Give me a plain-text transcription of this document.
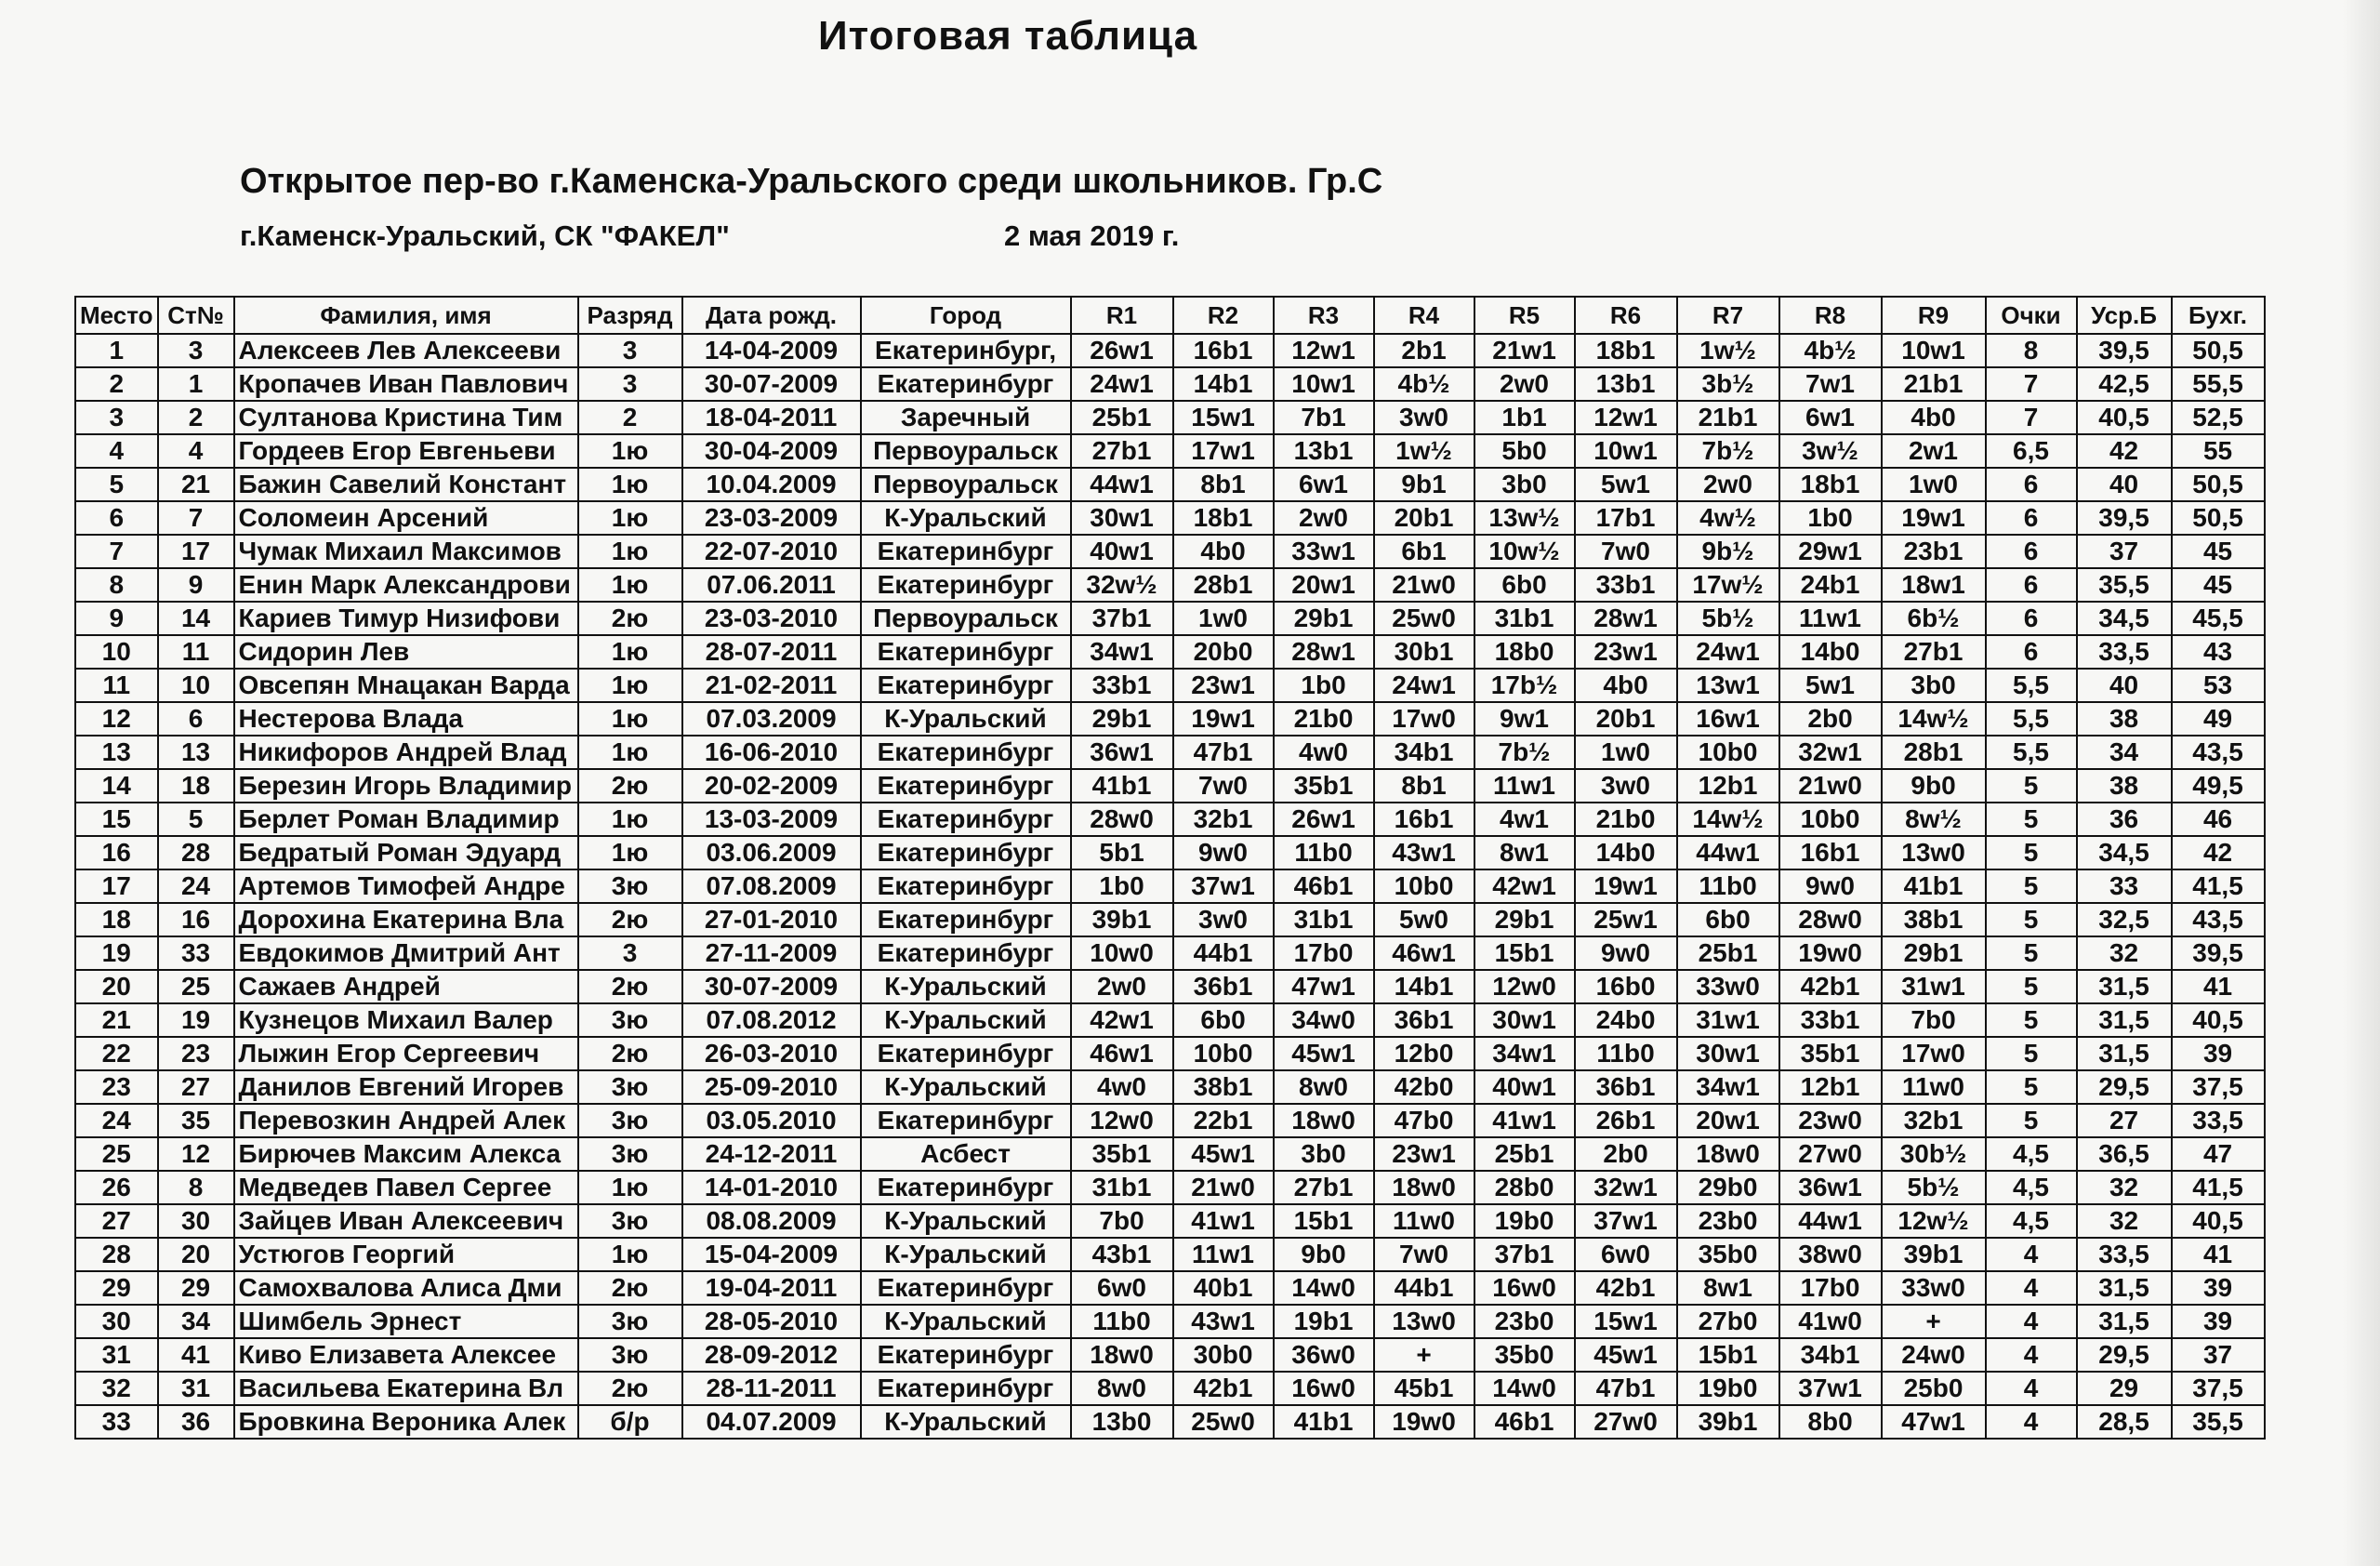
Итоговая таблица
Открытое пер-во г.Каменска-Уральского среди школьников. Гр.С
г.Каменск-Уральский, СК "ФАКЕЛ"	2 мая 2019 г.
Место	Ст№	Фамилия, имя	Разряд	Дата рожд.	Город	R1	R2	R3	R4	R5	R6	R7	R8	R9	Очки	Уср.Б	Бухг.
1	3	Алексеев Лев Алексееви	3	14-04-2009	Екатеринбург,	26w1	16b1	12w1	2b1	21w1	18b1	1w½	4b½	10w1	8	39,5	50,5
2	1	Кропачев Иван Павлович	3	30-07-2009	Екатеринбург	24w1	14b1	10w1	4b½	2w0	13b1	3b½	7w1	21b1	7	42,5	55,5
3	2	Султанова Кристина Тим	2	18-04-2011	Заречный	25b1	15w1	7b1	3w0	1b1	12w1	21b1	6w1	4b0	7	40,5	52,5
4	4	Гордеев Егор Евгеньеви	1ю	30-04-2009	Первоуральск	27b1	17w1	13b1	1w½	5b0	10w1	7b½	3w½	2w1	6,5	42	55
5	21	Бажин Савелий Констант	1ю	10.04.2009	Первоуральск	44w1	8b1	6w1	9b1	3b0	5w1	2w0	18b1	1w0	6	40	50,5
6	7	Соломеин Арсений	1ю	23-03-2009	К-Уральский	30w1	18b1	2w0	20b1	13w½	17b1	4w½	1b0	19w1	6	39,5	50,5
7	17	Чумак Михаил Максимов	1ю	22-07-2010	Екатеринбург	40w1	4b0	33w1	6b1	10w½	7w0	9b½	29w1	23b1	6	37	45
8	9	Енин Марк Александрови	1ю	07.06.2011	Екатеринбург	32w½	28b1	20w1	21w0	6b0	33b1	17w½	24b1	18w1	6	35,5	45
9	14	Кариев Тимур Низифови	2ю	23-03-2010	Первоуральск	37b1	1w0	29b1	25w0	31b1	28w1	5b½	11w1	6b½	6	34,5	45,5
10	11	Сидорин Лев	1ю	28-07-2011	Екатеринбург	34w1	20b0	28w1	30b1	18b0	23w1	24w1	14b0	27b1	6	33,5	43
11	10	Овсепян Мнацакан Варда	1ю	21-02-2011	Екатеринбург	33b1	23w1	1b0	24w1	17b½	4b0	13w1	5w1	3b0	5,5	40	53
12	6	Нестерова Влада	1ю	07.03.2009	К-Уральский	29b1	19w1	21b0	17w0	9w1	20b1	16w1	2b0	14w½	5,5	38	49
13	13	Никифоров Андрей Влад	1ю	16-06-2010	Екатеринбург	36w1	47b1	4w0	34b1	7b½	1w0	10b0	32w1	28b1	5,5	34	43,5
14	18	Березин Игорь Владимир	2ю	20-02-2009	Екатеринбург	41b1	7w0	35b1	8b1	11w1	3w0	12b1	21w0	9b0	5	38	49,5
15	5	Берлет Роман Владимир	1ю	13-03-2009	Екатеринбург	28w0	32b1	26w1	16b1	4w1	21b0	14w½	10b0	8w½	5	36	46
16	28	Бедратый Роман Эдуард	1ю	03.06.2009	Екатеринбург	5b1	9w0	11b0	43w1	8w1	14b0	44w1	16b1	13w0	5	34,5	42
17	24	Артемов Тимофей Андре	3ю	07.08.2009	Екатеринбург	1b0	37w1	46b1	10b0	42w1	19w1	11b0	9w0	41b1	5	33	41,5
18	16	Дорохина Екатерина Вла	2ю	27-01-2010	Екатеринбург	39b1	3w0	31b1	5w0	29b1	25w1	6b0	28w0	38b1	5	32,5	43,5
19	33	Евдокимов Дмитрий Ант	3	27-11-2009	Екатеринбург	10w0	44b1	17b0	46w1	15b1	9w0	25b1	19w0	29b1	5	32	39,5
20	25	Сажаев Андрей	2ю	30-07-2009	К-Уральский	2w0	36b1	47w1	14b1	12w0	16b0	33w0	42b1	31w1	5	31,5	41
21	19	Кузнецов Михаил Валер	3ю	07.08.2012	К-Уральский	42w1	6b0	34w0	36b1	30w1	24b0	31w1	33b1	7b0	5	31,5	40,5
22	23	Лыжин Егор Сергеевич	2ю	26-03-2010	Екатеринбург	46w1	10b0	45w1	12b0	34w1	11b0	30w1	35b1	17w0	5	31,5	39
23	27	Данилов Евгений Игорев	3ю	25-09-2010	К-Уральский	4w0	38b1	8w0	42b0	40w1	36b1	34w1	12b1	11w0	5	29,5	37,5
24	35	Перевозкин Андрей Алек	3ю	03.05.2010	Екатеринбург	12w0	22b1	18w0	47b0	41w1	26b1	20w1	23w0	32b1	5	27	33,5
25	12	Бирючев Максим Алекса	3ю	24-12-2011	Асбест	35b1	45w1	3b0	23w1	25b1	2b0	18w0	27w0	30b½	4,5	36,5	47
26	8	Медведев Павел Сергее	1ю	14-01-2010	Екатеринбург	31b1	21w0	27b1	18w0	28b0	32w1	29b0	36w1	5b½	4,5	32	41,5
27	30	Зайцев Иван Алексеевич	3ю	08.08.2009	К-Уральский	7b0	41w1	15b1	11w0	19b0	37w1	23b0	44w1	12w½	4,5	32	40,5
28	20	Устюгов Георгий	1ю	15-04-2009	К-Уральский	43b1	11w1	9b0	7w0	37b1	6w0	35b0	38w0	39b1	4	33,5	41
29	29	Самохвалова Алиса Дми	2ю	19-04-2011	Екатеринбург	6w0	40b1	14w0	44b1	16w0	42b1	8w1	17b0	33w0	4	31,5	39
30	34	Шимбель Эрнест	3ю	28-05-2010	К-Уральский	11b0	43w1	19b1	13w0	23b0	15w1	27b0	41w0	+	4	31,5	39
31	41	Киво Елизавета Алексее	3ю	28-09-2012	Екатеринбург	18w0	30b0	36w0	+	35b0	45w1	15b1	34b1	24w0	4	29,5	37
32	31	Васильева Екатерина Вл	2ю	28-11-2011	Екатеринбург	8w0	42b1	16w0	45b1	14w0	47b1	19b0	37w1	25b0	4	29	37,5
33	36	Бровкина Вероника Алек	б/р	04.07.2009	К-Уральский	13b0	25w0	41b1	19w0	46b1	27w0	39b1	8b0	47w1	4	28,5	35,5
